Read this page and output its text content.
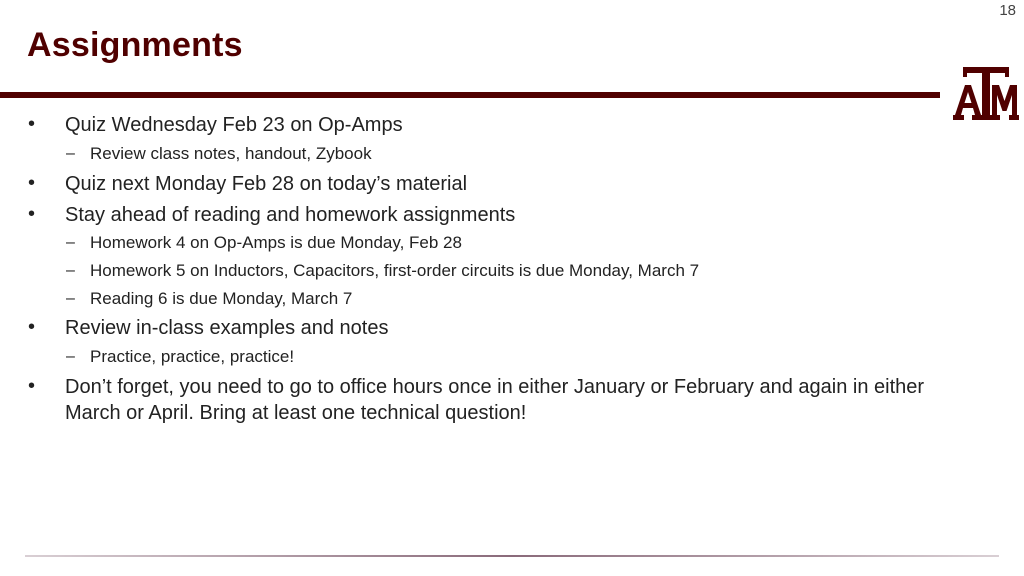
18
Assignments
®
• Quiz Wednesday Feb 23 on Op-Amps
– Review class notes, handout, Zybook
• Quiz next Monday Feb 28 on today’s material
• Stay ahead of reading and homework assignments
– Homework 4 on Op-Amps is due Monday, Feb 28
– Homework 5 on Inductors, Capacitors, first-order circuits is due Monday, March 7
– Reading 6 is due Monday, March 7
• Review in-class examples and notes
– Practice, practice, practice!
• Don’t forget, you need to go to office hours once in either January or February and again in either March or April. Bring at least one technical question!
